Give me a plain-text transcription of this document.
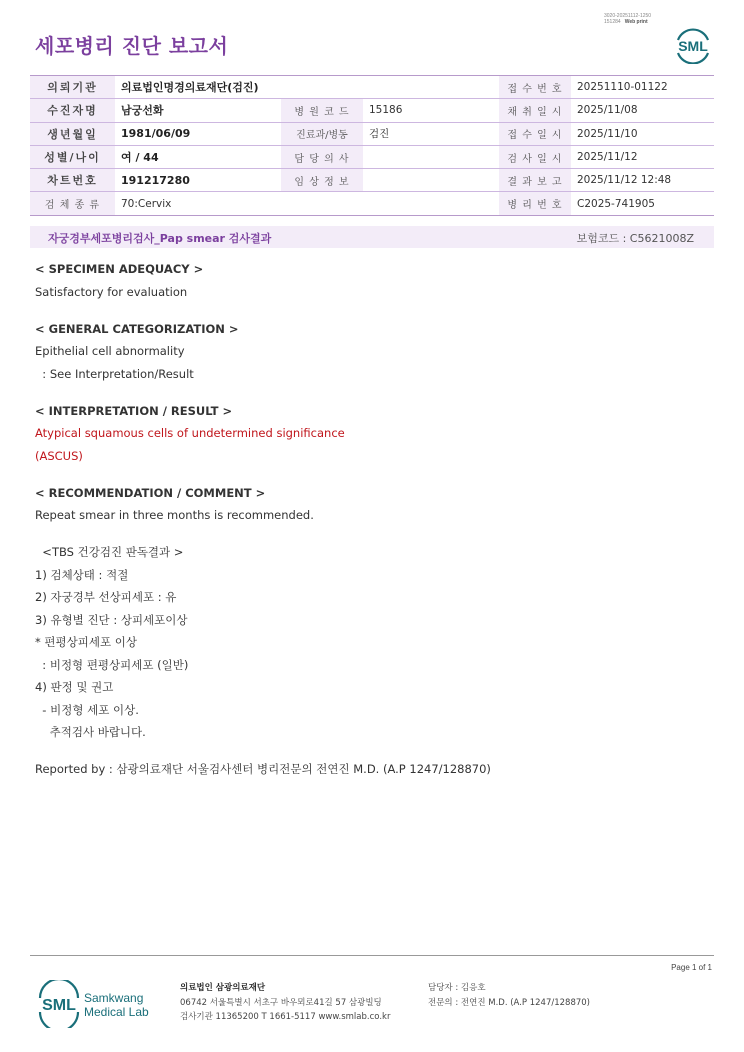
3020-20251112-1250
151284 Web print
세포병리 진단 보고서	SML
의뢰기관	의료법인명경의료재단(검진)			접 수 번 호	20251110-01122
수진자명	남궁선화	병 원 코 드	15186	채 취 일 시	2025/11/08
생년월일	1981/06/09	진료과/병동	검진	접 수 일 시	2025/11/10
성별/나이	여 / 44	담 당 의 사		검 사 일 시	2025/11/12
차트번호	191217280	임 상 정 보		결 과 보 고	2025/11/12 12:48
검 체 종 류	70:Cervix			병 리 번 호	C2025-741905
자궁경부세포병리검사_Pap smear 검사결과	보험코드 : C5621008Z
< SPECIMEN ADEQUACY >
Satisfactory for evaluation
< GENERAL CATEGORIZATION >
Epithelial cell abnormality
: See Interpretation/Result
< INTERPRETATION / RESULT >
Atypical squamous cells of undetermined significance
(ASCUS)
< RECOMMENDATION / COMMENT >
Repeat smear in three months is recommended.
<TBS 건강검진 판독결과 >
1) 검체상태 : 적절
2) 자궁경부 선상피세포 : 유
3) 유형별 진단 : 상피세포이상
* 편평상피세포 이상
: 비정형 편평상피세포 (일반)
4) 판정 및 권고
- 비정형 세포 이상.
추적검사 바랍니다.
Reported by : 삼광의료재단 서울검사센터 병리전문의 전연진 M.D. (A.P 1247/128870)
Page 1 of 1
SML Samkwang
Medical Lab
의료법인 삼광의료재단
06742 서울특별시 서초구 바우뫼로41길 57 삼광빌딩
검사기관 11365200 T 1661-5117 www.smlab.co.kr
담당자 : 김응호
전문의 : 전연진 M.D. (A.P 1247/128870)
